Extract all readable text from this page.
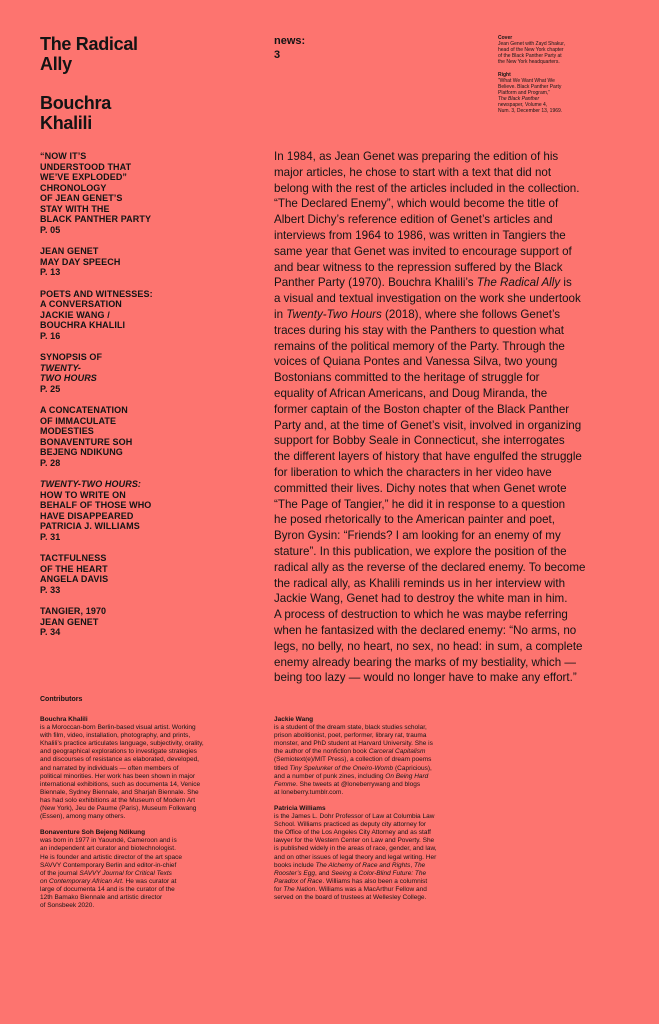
The Radical
Ally
Bouchra
Khalili
news:
3
Cover
Jean Genet with Zayd Shakur,
head of the New York chapter
of the Black Panther Party at
the New York headquarters.
Right
“What We Want What We
Believe. Black Panther Party
Platform and Program,”
The Black Panther
newspaper, Volume 4,
Num. 3, December 13, 1969.
“NOW IT’S
UNDERSTOOD THAT
WE’VE EXPLODED”
CHRONOLOGY
OF JEAN GENET’S
STAY WITH THE
BLACK PANTHER PARTY
P. 05
JEAN GENET
MAY DAY SPEECH
P. 13
POETS AND WITNESSES:
A CONVERSATION
JACKIE WANG /
BOUCHRA KHALILI
P. 16
SYNOPSIS OF
TWENTY-
TWO HOURS
P. 25
A CONCATENATION
OF IMMACULATE
MODESTIES
BONAVENTURE SOH
BEJENG NDIKUNG
P. 28
TWENTY-TWO HOURS:
HOW TO WRITE ON
BEHALF OF THOSE WHO
HAVE DISAPPEARED
PATRICIA J. WILLIAMS
P. 31
TACTFULNESS
OF THE HEART
ANGELA DAVIS
P. 33
TANGIER, 1970
JEAN GENET
P. 34
In 1984, as Jean Genet was preparing the edition of his
major articles, he chose to start with a text that did not
belong with the rest of the articles included in the collection.
“The Declared Enemy”, which would become the title of
Albert Dichy’s reference edition of Genet’s articles and
interviews from 1964 to 1986, was written in Tangiers the
same year that Genet was invited to encourage support of
and bear witness to the repression suffered by the Black
Panther Party (1970). Bouchra Khalili’s The Radical Ally is
a visual and textual investigation on the work she undertook
in Twenty-Two Hours (2018), where she follows Genet’s
traces during his stay with the Panthers to question what
remains of the political memory of the Party. Through the
voices of Quiana Pontes and Vanessa Silva, two young
Bostonians committed to the heritage of struggle for
equality of African Americans, and Doug Miranda, the
former captain of the Boston chapter of the Black Panther
Party and, at the time of Genet’s visit, involved in organizing
support for Bobby Seale in Connecticut, she interrogates
the different layers of history that have engulfed the struggle
for liberation to which the characters in her video have
committed their lives. Dichy notes that when Genet wrote
“The Page of Tangier,” he did it in response to a question
he posed rhetorically to the American painter and poet,
Byron Gysin: “Friends? I am looking for an enemy of my
stature”. In this publication, we explore the position of the
radical ally as the reverse of the declared enemy. To become
the radical ally, as Khalili reminds us in her interview with
Jackie Wang, Genet had to destroy the white man in him.
A process of destruction to which he was maybe referring
when he fantasized with the declared enemy: “No arms, no
legs, no belly, no heart, no sex, no head: in sum, a complete
enemy already bearing the marks of my bestiality, which —
being too lazy — would no longer have to make any effort.”
Contributors
Bouchra Khalili
is a Moroccan-born Berlin-based visual artist. Working
with film, video, installation, photography, and prints,
Khalili’s practice articulates language, subjectivity, orality,
and geographical explorations to investigate strategies
and discourses of resistance as elaborated, developed,
and narrated by individuals — often members of
political minorities. Her work has been shown in major
international exhibitions, such as documenta 14, Venice
Biennale, Sydney Biennale, and Sharjah Biennale. She
has had solo exhibitions at the Museum of Modern Art
(New York), Jeu de Paume (Paris), Museum Folkwang
(Essen), among many others.
Bonaventure Soh Bejeng Ndikung
was born in 1977 in Yaoundé, Cameroon and is
an independent art curator and biotechnologist.
He is founder and artistic director of the art space
SAVVY Contemporary Berlin and editor-in-chief
of the journal SAVVY Journal for Critical Texts
on Contemporary African Art. He was curator at
large of documenta 14 and is the curator of the
12th Bamako Biennale and artistic director
of Sonsbeek 2020.
Jackie Wang
is a student of the dream state, black studies scholar,
prison abolitionist, poet, performer, library rat, trauma
monster, and PhD student at Harvard University. She is
the author of the nonfiction book Carceral Capitalism
(Semiotext(e)/MIT Press), a collection of dream poems
titled Tiny Spelunker of the Oneiro-Womb (Capricious),
and a number of punk zines, including On Being Hard
Femme. She tweets at @loneberrywang and blogs
at loneberry.tumblr.com.
Patricia Williams
is the James L. Dohr Professor of Law at Columbia Law
School. Williams practiced as deputy city attorney for
the Office of the Los Angeles City Attorney and as staff
lawyer for the Western Center on Law and Poverty. She
is published widely in the areas of race, gender, and law,
and on other issues of legal theory and legal writing. Her
books include The Alchemy of Race and Rights, The
Rooster’s Egg, and Seeing a Color-Blind Future: The
Paradox of Race. Williams has also been a columnist
for The Nation. Williams was a MacArthur Fellow and
served on the board of trustees at Wellesley College.
